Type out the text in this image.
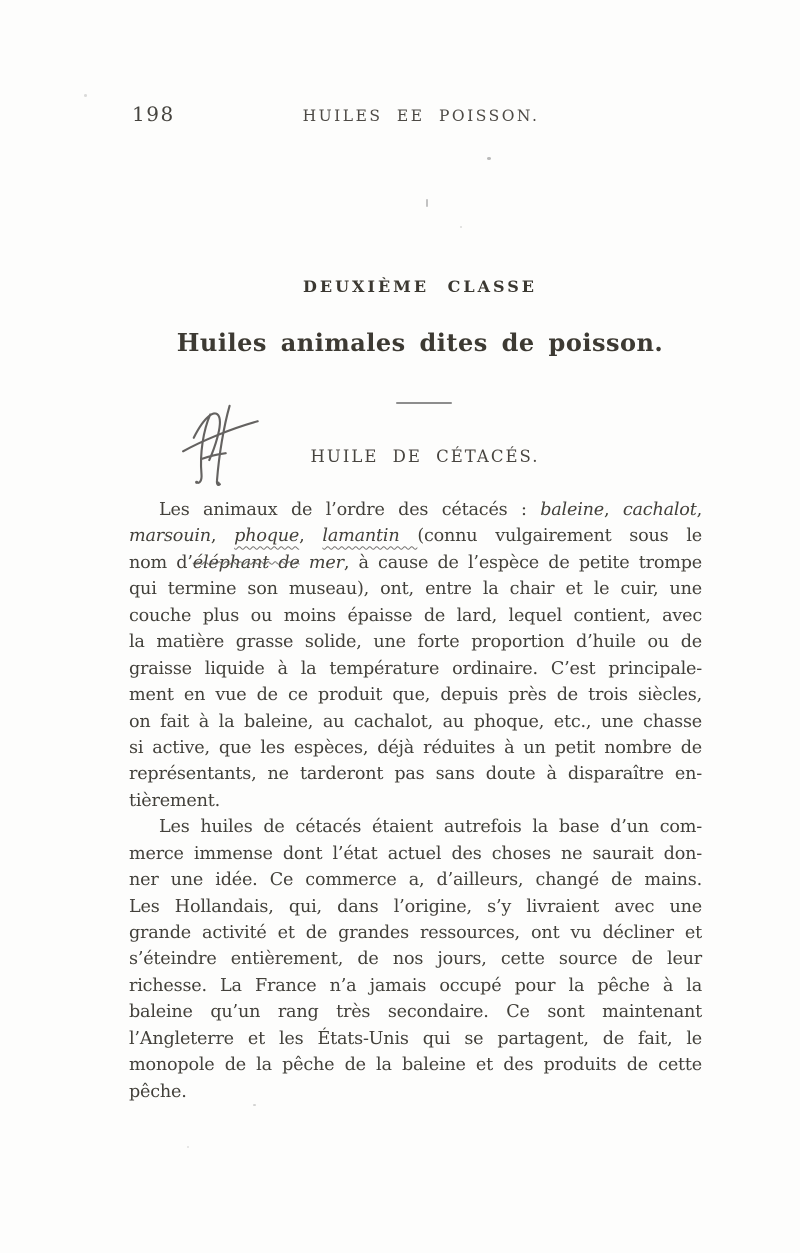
198	HUILES EE POISSON.
DEUXIÈME CLASSE
Huiles animales dites de poisson.
HUILE DE CÉTACÉS.
Les animaux de l’ordre des cétacés : baleine, cachalot,
marsouin, phoque, lamantin (connu vulgairement sous le
nom d’éléphant de mer, à cause de l’espèce de petite trompe
qui termine son museau), ont, entre la chair et le cuir, une
couche plus ou moins épaisse de lard, lequel contient, avec
la matière grasse solide, une forte proportion d’huile ou de
graisse liquide à la température ordinaire. C’est principale-
ment en vue de ce produit que, depuis près de trois siècles,
on fait à la baleine, au cachalot, au phoque, etc., une chasse
si active, que les espèces, déjà réduites à un petit nombre de
représentants, ne tarderont pas sans doute à disparaître en-
tièrement.
Les huiles de cétacés étaient autrefois la base d’un com-
merce immense dont l’état actuel des choses ne saurait don-
ner une idée. Ce commerce a, d’ailleurs, changé de mains.
Les Hollandais, qui, dans l’origine, s’y livraient avec une
grande activité et de grandes ressources, ont vu décliner et
s’éteindre entièrement, de nos jours, cette source de leur
richesse. La France n’a jamais occupé pour la pêche à la
baleine qu’un rang très secondaire. Ce sont maintenant
l’Angleterre et les États-Unis qui se partagent, de fait, le
monopole de la pêche de la baleine et des produits de cette
pêche.
